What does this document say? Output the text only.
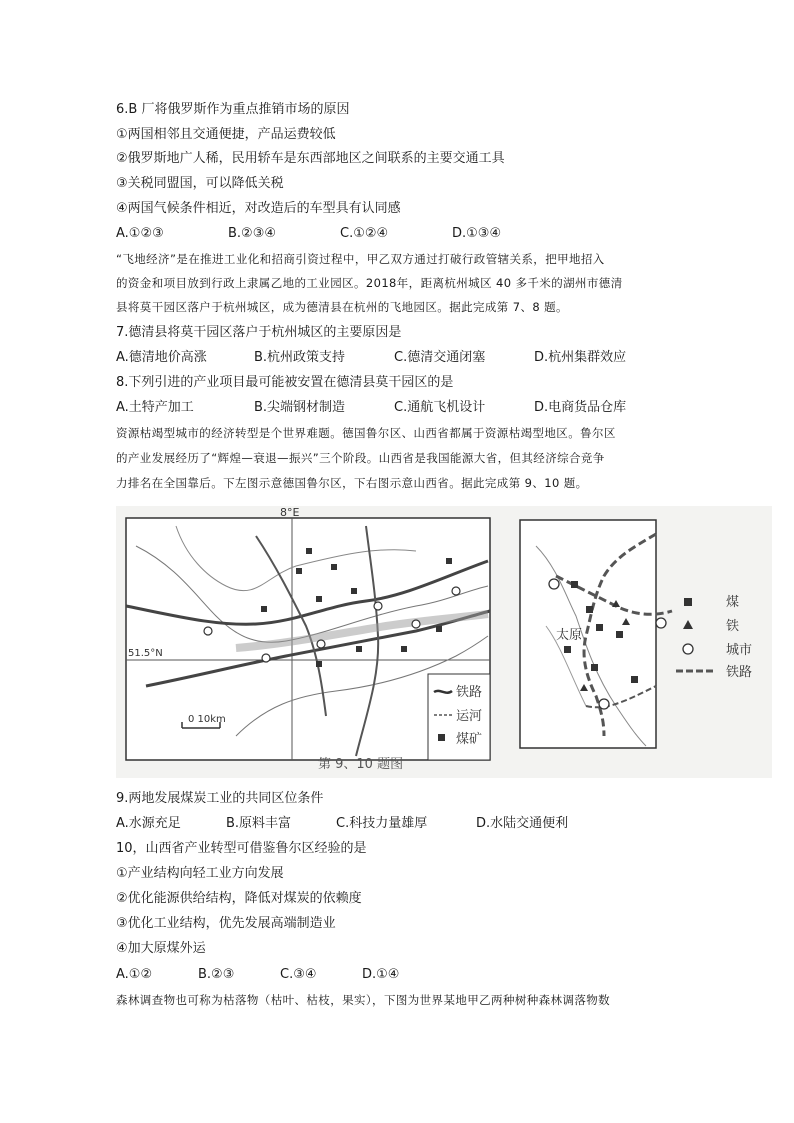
6.B 厂将俄罗斯作为重点推销市场的原因
①两国相邻且交通便捷，产品运费较低
②俄罗斯地广人稀，民用轿车是东西部地区之间联系的主要交通工具
③关税同盟国，可以降低关税
④两国气候条件相近，对改造后的车型具有认同感
A.①②③	B.②③④	C.①②④	D.①③④
“飞地经济”是在推进工业化和招商引资过程中，甲乙双方通过打破行政管辖关系，把甲地招入
的资金和项目放到行政上隶属乙地的工业园区。2018年，距离杭州城区 40 多千米的湖州市德清
县将莫干园区落户于杭州城区，成为德清县在杭州的飞地园区。据此完成第 7、8 题。
7.德清县将莫干园区落户于杭州城区的主要原因是
A.德清地价高涨	B.杭州政策支持	C.德清交通闭塞	D.杭州集群效应
8.下列引进的产业项目最可能被安置在德清县莫干园区的是
A.土特产加工	B.尖端钢材制造	C.通航飞机设计	D.电商货品仓库
资源枯竭型城市的经济转型是个世界难题。德国鲁尔区、山西省都属于资源枯竭型地区。鲁尔区
的产业发展经历了“辉煌—衰退—振兴”三个阶段。山西省是我国能源大省，但其经济综合竞争
力排名在全国靠后。下左图示意德国鲁尔区，下右图示意山西省。据此完成第 9、10 题。
8°E
51.5°N
0 10km
铁路
运河
煤矿
太原
煤
铁
城市
铁路
第 9、10 题图
9.两地发展煤炭工业的共同区位条件
A.水源充足	B.原料丰富	C.科技力量雄厚	D.水陆交通便利
10，山西省产业转型可借鉴鲁尔区经验的是
①产业结构向轻工业方向发展
②优化能源供给结构，降低对煤炭的依赖度
③优化工业结构，优先发展高端制造业
④加大原煤外运
A.①②	B.②③	C.③④	D.①④
森林调查物也可称为枯落物（枯叶、枯枝，果实），下图为世界某地甲乙两种树种森林调落物数
